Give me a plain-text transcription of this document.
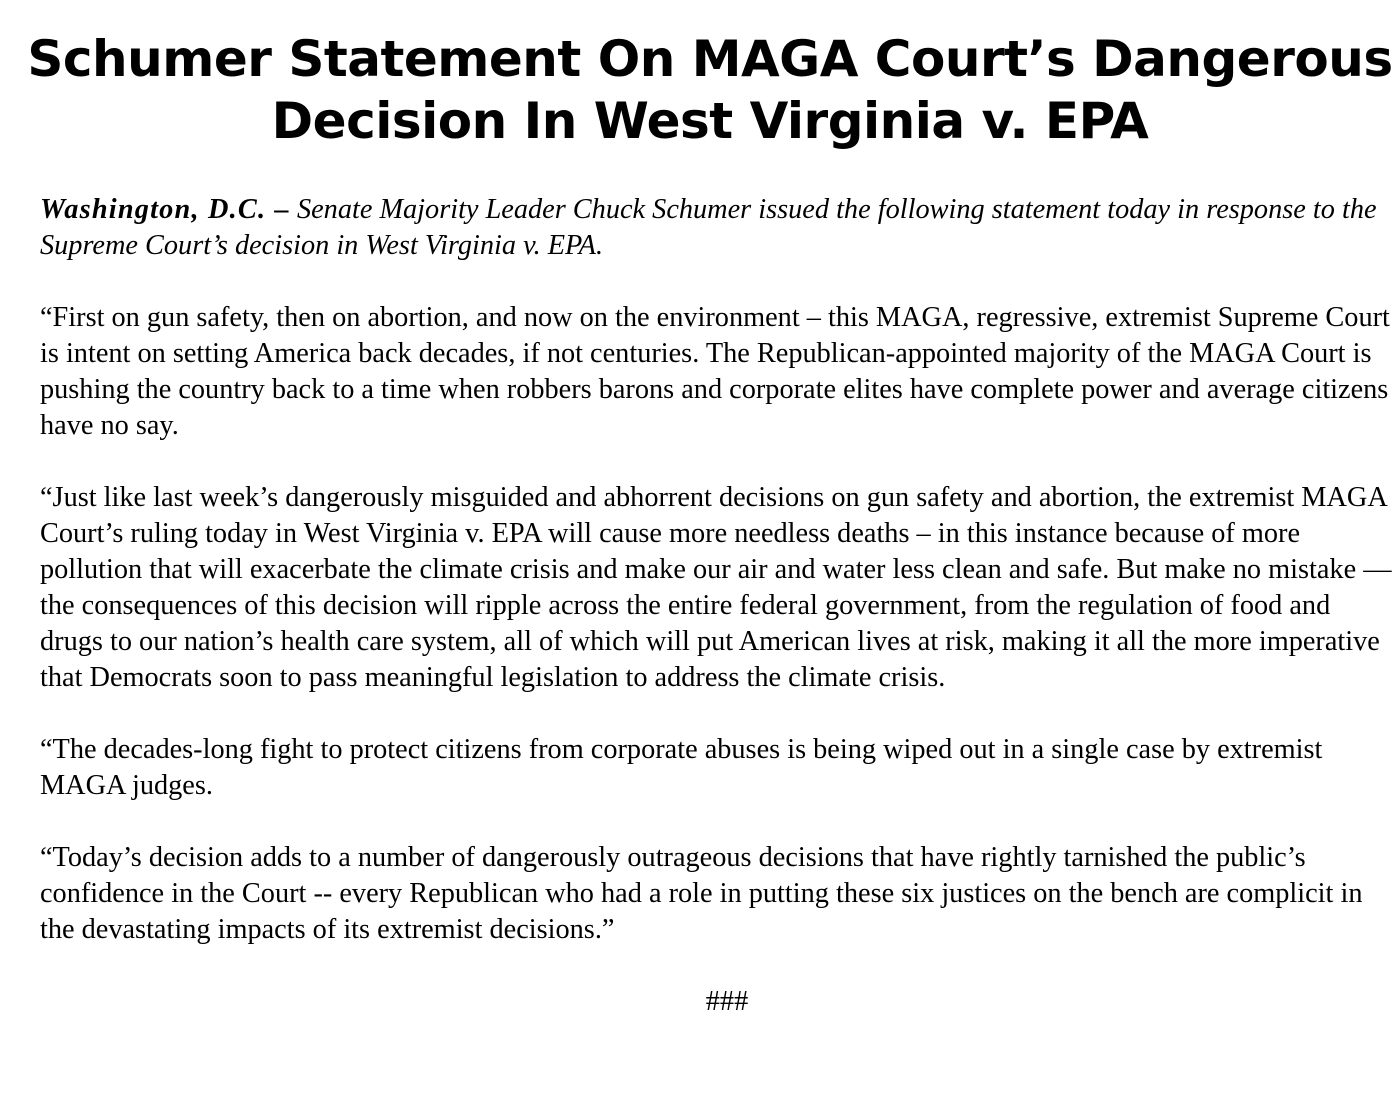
Schumer Statement On MAGA Court’s Dangerous Decision In West Virginia v. EPA

Washington, D.C. – Senate Majority Leader Chuck Schumer issued the following statement today in response to the Supreme Court’s decision in West Virginia v. EPA.

“First on gun safety, then on abortion, and now on the environment – this MAGA, regressive, extremist Supreme Court is intent on setting America back decades, if not centuries. The Republican-appointed majority of the MAGA Court is pushing the country back to a time when robbers barons and corporate elites have complete power and average citizens have no say.

“Just like last week’s dangerously misguided and abhorrent decisions on gun safety and abortion, the extremist MAGA Court’s ruling today in West Virginia v. EPA will cause more needless deaths – in this instance because of more pollution that will exacerbate the climate crisis and make our air and water less clean and safe. But make no mistake — the consequences of this decision will ripple across the entire federal government, from the regulation of food and drugs to our nation’s health care system, all of which will put American lives at risk, making it all the more imperative that Democrats soon to pass meaningful legislation to address the climate crisis.

“The decades-long fight to protect citizens from corporate abuses is being wiped out in a single case by extremist MAGA judges.

“Today’s decision adds to a number of dangerously outrageous decisions that have rightly tarnished the public’s confidence in the Court -- every Republican who had a role in putting these six justices on the bench are complicit in the devastating impacts of its extremist decisions.”

###
